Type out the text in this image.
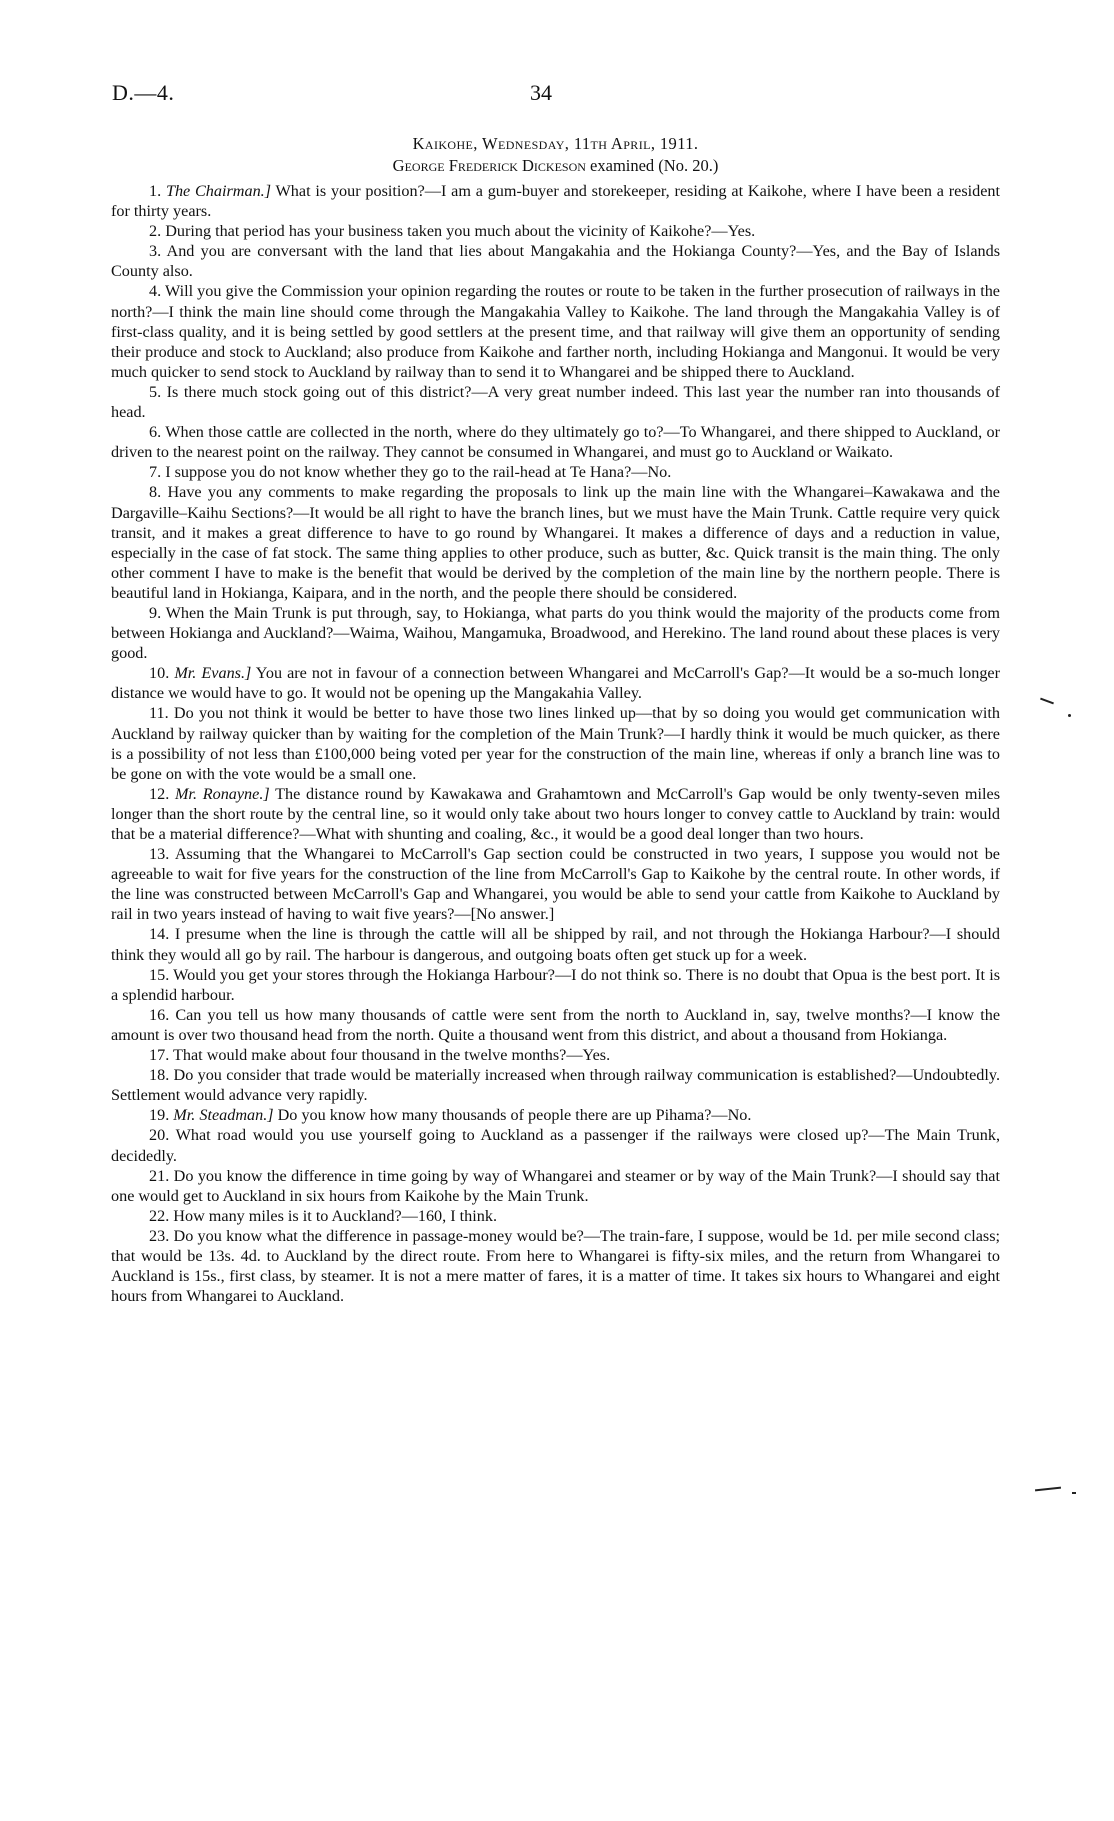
D.—4.	34

Kaikohe, Wednesday, 11th April, 1911.

George Frederick Dickeson examined (No. 20.)

1. The Chairman.] What is your position?—I am a gum-buyer and storekeeper, residing at Kaikohe, where I have been a resident for thirty years.

2. During that period has your business taken you much about the vicinity of Kaikohe?—Yes.

3. And you are conversant with the land that lies about Mangakahia and the Hokianga County?—Yes, and the Bay of Islands County also.

4. Will you give the Commission your opinion regarding the routes or route to be taken in the further prosecution of railways in the north?—I think the main line should come through the Mangakahia Valley to Kaikohe. The land through the Mangakahia Valley is of first-class quality, and it is being settled by good settlers at the present time, and that railway will give them an opportunity of sending their produce and stock to Auckland; also produce from Kaikohe and farther north, including Hokianga and Mangonui. It would be very much quicker to send stock to Auckland by railway than to send it to Whangarei and be shipped there to Auckland.

5. Is there much stock going out of this district?—A very great number indeed. This last year the number ran into thousands of head.

6. When those cattle are collected in the north, where do they ultimately go to?—To Whangarei, and there shipped to Auckland, or driven to the nearest point on the railway. They cannot be consumed in Whangarei, and must go to Auckland or Waikato.

7. I suppose you do not know whether they go to the rail-head at Te Hana?—No.

8. Have you any comments to make regarding the proposals to link up the main line with the Whangarei–Kawakawa and the Dargaville–Kaihu Sections?—It would be all right to have the branch lines, but we must have the Main Trunk. Cattle require very quick transit, and it makes a great difference to have to go round by Whangarei. It makes a difference of days and a reduction in value, especially in the case of fat stock. The same thing applies to other produce, such as butter, &c. Quick transit is the main thing. The only other comment I have to make is the benefit that would be derived by the completion of the main line by the northern people. There is beautiful land in Hokianga, Kaipara, and in the north, and the people there should be considered.

9. When the Main Trunk is put through, say, to Hokianga, what parts do you think would the majority of the products come from between Hokianga and Auckland?—Waima, Waihou, Mangamuka, Broadwood, and Herekino. The land round about these places is very good.

10. Mr. Evans.] You are not in favour of a connection between Whangarei and McCarroll's Gap?—It would be a so-much longer distance we would have to go. It would not be opening up the Mangakahia Valley.

11. Do you not think it would be better to have those two lines linked up—that by so doing you would get communication with Auckland by railway quicker than by waiting for the completion of the Main Trunk?—I hardly think it would be much quicker, as there is a possibility of not less than £100,000 being voted per year for the construction of the main line, whereas if only a branch line was to be gone on with the vote would be a small one.

12. Mr. Ronayne.] The distance round by Kawakawa and Grahamtown and McCarroll's Gap would be only twenty-seven miles longer than the short route by the central line, so it would only take about two hours longer to convey cattle to Auckland by train: would that be a material difference?—What with shunting and coaling, &c., it would be a good deal longer than two hours.

13. Assuming that the Whangarei to McCarroll's Gap section could be constructed in two years, I suppose you would not be agreeable to wait for five years for the construction of the line from McCarroll's Gap to Kaikohe by the central route. In other words, if the line was constructed between McCarroll's Gap and Whangarei, you would be able to send your cattle from Kaikohe to Auckland by rail in two years instead of having to wait five years?—[No answer.]

14. I presume when the line is through the cattle will all be shipped by rail, and not through the Hokianga Harbour?—I should think they would all go by rail. The harbour is dangerous, and outgoing boats often get stuck up for a week.

15. Would you get your stores through the Hokianga Harbour?—I do not think so. There is no doubt that Opua is the best port. It is a splendid harbour.

16. Can you tell us how many thousands of cattle were sent from the north to Auckland in, say, twelve months?—I know the amount is over two thousand head from the north. Quite a thousand went from this district, and about a thousand from Hokianga.

17. That would make about four thousand in the twelve months?—Yes.

18. Do you consider that trade would be materially increased when through railway communication is established?—Undoubtedly. Settlement would advance very rapidly.

19. Mr. Steadman.] Do you know how many thousands of people there are up Pihama?—No.

20. What road would you use yourself going to Auckland as a passenger if the railways were closed up?—The Main Trunk, decidedly.

21. Do you know the difference in time going by way of Whangarei and steamer or by way of the Main Trunk?—I should say that one would get to Auckland in six hours from Kaikohe by the Main Trunk.

22. How many miles is it to Auckland?—160, I think.

23. Do you know what the difference in passage-money would be?—The train-fare, I suppose, would be 1d. per mile second class; that would be 13s. 4d. to Auckland by the direct route. From here to Whangarei is fifty-six miles, and the return from Whangarei to Auckland is 15s., first class, by steamer. It is not a mere matter of fares, it is a matter of time. It takes six hours to Whangarei and eight hours from Whangarei to Auckland.
